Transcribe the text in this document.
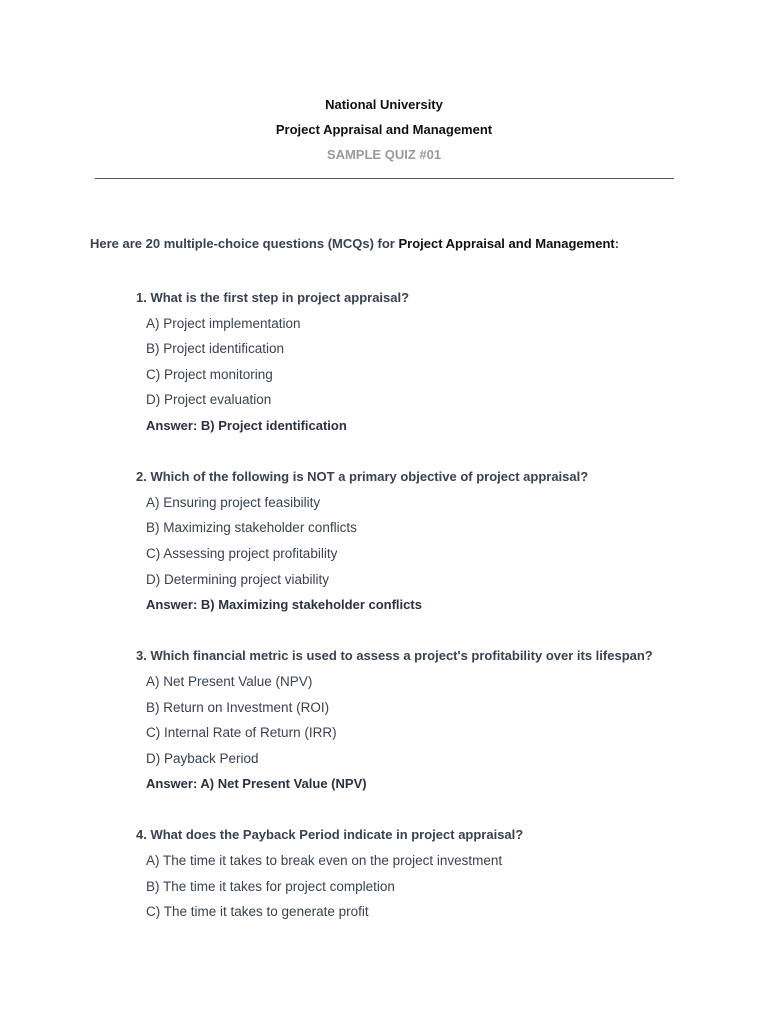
National University
Project Appraisal and Management
SAMPLE QUIZ #01
Here are 20 multiple-choice questions (MCQs) for Project Appraisal and Management:
1. What is the first step in project appraisal?
A) Project implementation
B) Project identification
C) Project monitoring
D) Project evaluation
Answer: B) Project identification
2. Which of the following is NOT a primary objective of project appraisal?
A) Ensuring project feasibility
B) Maximizing stakeholder conflicts
C) Assessing project profitability
D) Determining project viability
Answer: B) Maximizing stakeholder conflicts
3. Which financial metric is used to assess a project's profitability over its lifespan?
A) Net Present Value (NPV)
B) Return on Investment (ROI)
C) Internal Rate of Return (IRR)
D) Payback Period
Answer: A) Net Present Value (NPV)
4. What does the Payback Period indicate in project appraisal?
A) The time it takes to break even on the project investment
B) The time it takes for project completion
C) The time it takes to generate profit
